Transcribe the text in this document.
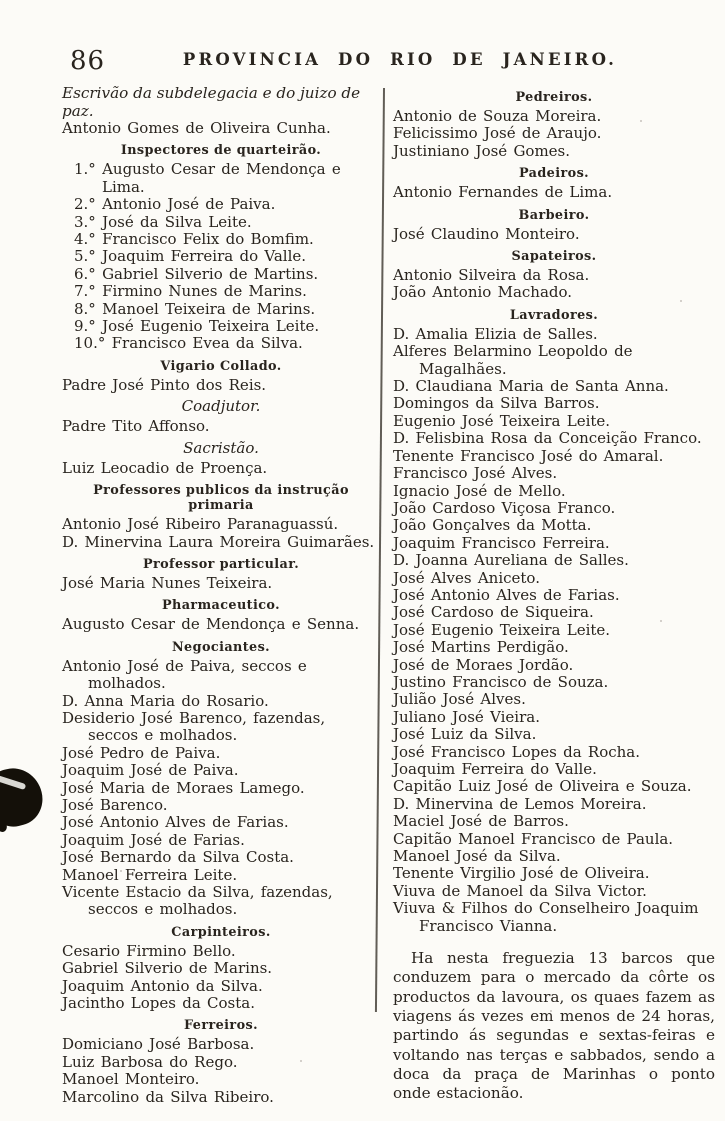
86	PROVINCIA DO RIO DE JANEIRO.
Escrivão da subdelegacia e do juizo de paz.
Antonio Gomes de Oliveira Cunha.
Inspectores de quarteirão.
1.° Augusto Cesar de Mendonça e Lima.
2.° Antonio José de Paiva.
3.° José da Silva Leite.
4.° Francisco Felix do Bomfim.
5.° Joaquim Ferreira do Valle.
6.° Gabriel Silverio de Martins.
7.° Firmino Nunes de Marins.
8.° Manoel Teixeira de Marins.
9.° José Eugenio Teixeira Leite.
10.° Francisco Evea da Silva.
Vigario Collado.
Padre José Pinto dos Reis.
Coadjutor.
Padre Tito Affonso.
Sacristão.
Luiz Leocadio de Proença.
Professores publicos da instrução primaria
Antonio José Ribeiro Paranaguassú.
D. Minervina Laura Moreira Guimarães.
Professor particular.
José Maria Nunes Teixeira.
Pharmaceutico.
Augusto Cesar de Mendonça e Senna.
Negociantes.
Antonio José de Paiva, seccos e molhados.
D. Anna Maria do Rosario.
Desiderio José Barenco, fazendas, seccos e molhados.
José Pedro de Paiva.
Joaquim José de Paiva.
José Maria de Moraes Lamego.
José Barenco.
José Antonio Alves de Farias.
Joaquim José de Farias.
José Bernardo da Silva Costa.
Manoel Ferreira Leite.
Vicente Estacio da Silva, fazendas, seccos e molhados.
Carpinteiros.
Cesario Firmino Bello.
Gabriel Silverio de Marins.
Joaquim Antonio da Silva.
Jacintho Lopes da Costa.
Ferreiros.
Domiciano José Barbosa.
Luiz Barbosa do Rego.
Manoel Monteiro.
Marcolino da Silva Ribeiro.
Pedreiros.
Antonio de Souza Moreira.
Felicissimo José de Araujo.
Justiniano José Gomes.
Padeiros.
Antonio Fernandes de Lima.
Barbeiro.
José Claudino Monteiro.
Sapateiros.
Antonio Silveira da Rosa.
João Antonio Machado.
Lavradores.
D. Amalia Elizia de Salles.
Alferes Belarmino Leopoldo de Magalhães.
D. Claudiana Maria de Santa Anna.
Domingos da Silva Barros.
Eugenio José Teixeira Leite.
D. Felisbina Rosa da Conceição Franco.
Tenente Francisco José do Amaral.
Francisco José Alves.
Ignacio José de Mello.
João Cardoso Viçosa Franco.
João Gonçalves da Motta.
Joaquim Francisco Ferreira.
D. Joanna Aureliana de Salles.
José Alves Aniceto.
José Antonio Alves de Farias.
José Cardoso de Siqueira.
José Eugenio Teixeira Leite.
José Martins Perdigão.
José de Moraes Jordão.
Justino Francisco de Souza.
Julião José Alves.
Juliano José Vieira.
José Luiz da Silva.
José Francisco Lopes da Rocha.
Joaquim Ferreira do Valle.
Capitão Luiz José de Oliveira e Souza.
D. Minervina de Lemos Moreira.
Maciel José de Barros.
Capitão Manoel Francisco de Paula.
Manoel José da Silva.
Tenente Virgilio José de Oliveira.
Viuva de Manoel da Silva Victor.
Viuva & Filhos do Conselheiro Joaquim Francisco Vianna.
Ha nesta freguezia 13 barcos que conduzem para o mercado da côrte os productos da lavoura, os quaes fazem as viagens ás vezes em menos de 24 horas, partindo ás segundas e sextas-feiras e voltando nas terças e sabbados, sendo a doca da praça de Marinhas o ponto onde estacionão.
